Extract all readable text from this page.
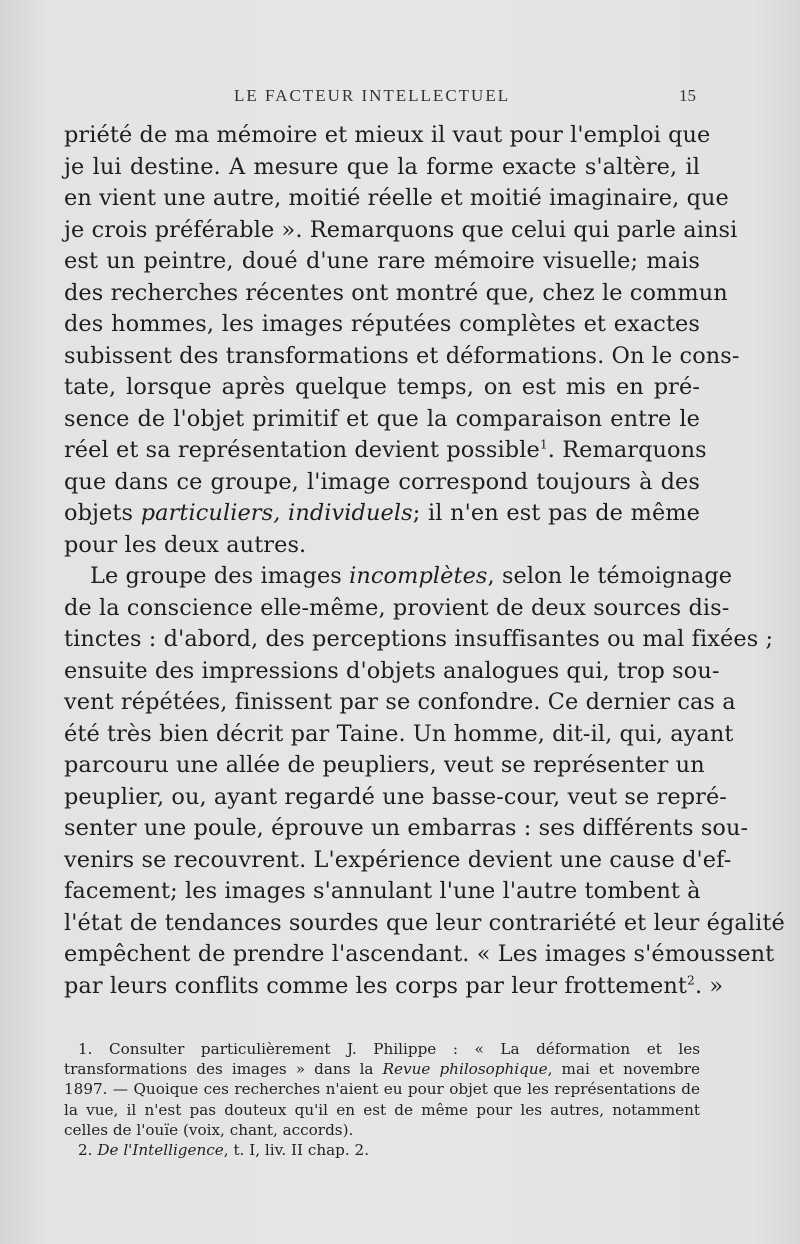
LE FACTEUR INTELLECTUEL	15
priété de ma mémoire et mieux il vaut pour l'emploi que
je lui destine. A mesure que la forme exacte s'altère, il
en vient une autre, moitié réelle et moitié imaginaire, que
je crois préférable ». Remarquons que celui qui parle ainsi
est un peintre, doué d'une rare mémoire visuelle; mais
des recherches récentes ont montré que, chez le commun
des hommes, les images réputées complètes et exactes
subissent des transformations et déformations. On le cons-
tate, lorsque après quelque temps, on est mis en pré-
sence de l'objet primitif et que la comparaison entre le
réel et sa représentation devient possible$^1$. Remarquons
que dans ce groupe, l'image correspond toujours à des
objets particuliers, individuels; il n'en est pas de même
pour les deux autres.
Le groupe des images incomplètes, selon le témoignage
de la conscience elle-même, provient de deux sources dis-
tinctes : d'abord, des perceptions insuffisantes ou mal fixées ;
ensuite des impressions d'objets analogues qui, trop sou-
vent répétées, finissent par se confondre. Ce dernier cas a
été très bien décrit par Taine. Un homme, dit-il, qui, ayant
parcouru une allée de peupliers, veut se représenter un
peuplier, ou, ayant regardé une basse-cour, veut se repré-
senter une poule, éprouve un embarras : ses différents sou-
venirs se recouvrent. L'expérience devient une cause d'ef-
facement; les images s'annulant l'une l'autre tombent à
l'état de tendances sourdes que leur contrariété et leur égalité
empêchent de prendre l'ascendant. « Les images s'émoussent
par leurs conflits comme les corps par leur frottement$^2$. »

1. Consulter particulièrement J. Philippe : « La déformation et les transformations des images » dans la Revue philosophique, mai et novembre 1897. — Quoique ces recherches n'aient eu pour objet que les représentations de la vue, il n'est pas douteux qu'il en est de même pour les autres, notamment celles de l'ouïe (voix, chant, accords).

2. De l'Intelligence, t. I, liv. II chap. 2.
